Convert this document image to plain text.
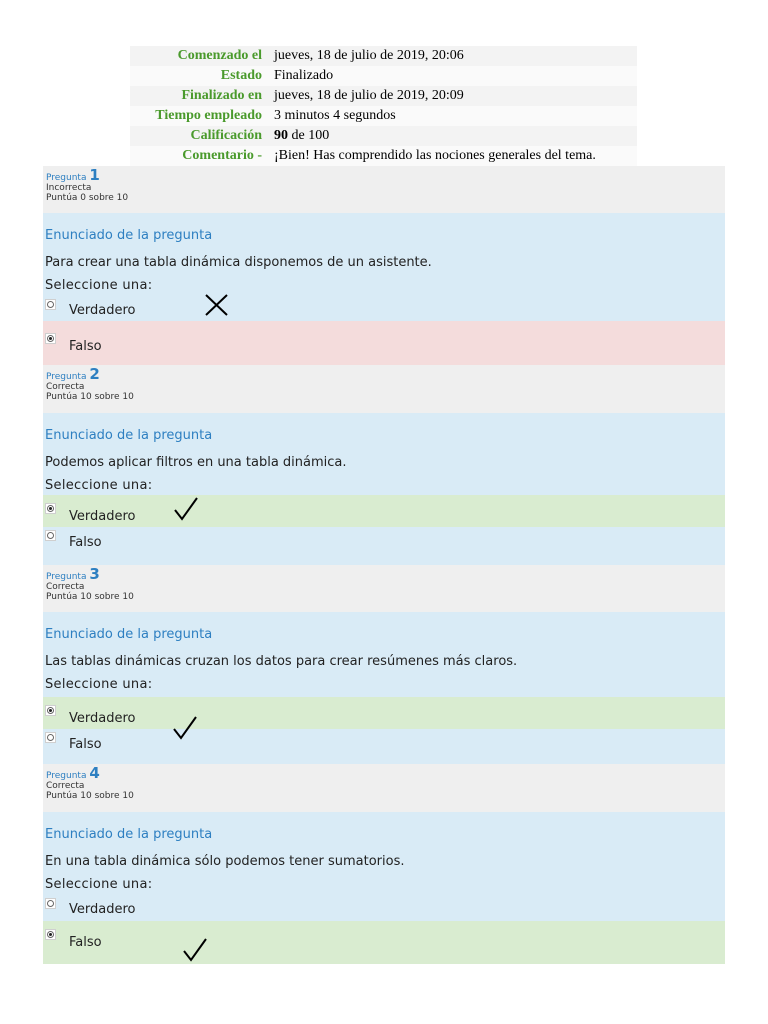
Comenzado el	jueves, 18 de julio de 2019, 20:06
Estado	Finalizado
Finalizado en	jueves, 18 de julio de 2019, 20:09
Tiempo empleado	3 minutos 4 segundos
Calificación	90 de 100
Comentario -	¡Bien! Has comprendido las nociones generales del tema.
Pregunta 1
Incorrecta
Puntúa 0 sobre 10
Enunciado de la pregunta
Para crear una tabla dinámica disponemos de un asistente.
Seleccione una:
Verdadero
Falso
Pregunta 2
Correcta
Puntúa 10 sobre 10
Enunciado de la pregunta
Podemos aplicar filtros en una tabla dinámica.
Seleccione una:
Verdadero
Falso
Pregunta 3
Correcta
Puntúa 10 sobre 10
Enunciado de la pregunta
Las tablas dinámicas cruzan los datos para crear resúmenes más claros.
Seleccione una:
Verdadero
Falso
Pregunta 4
Correcta
Puntúa 10 sobre 10
Enunciado de la pregunta
En una tabla dinámica sólo podemos tener sumatorios.
Seleccione una:
Verdadero
Falso
